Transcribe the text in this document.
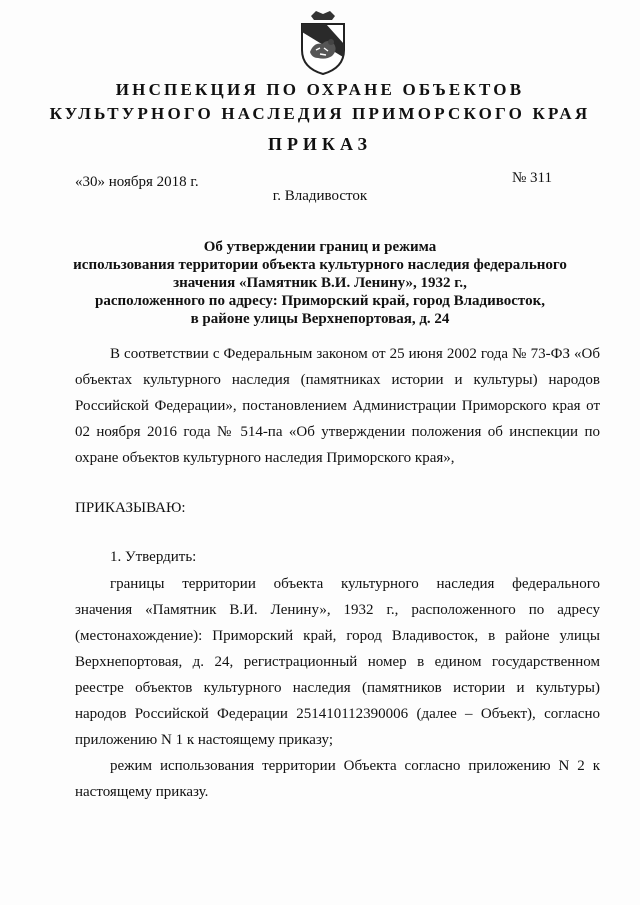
ИНСПЕКЦИЯ ПО ОХРАНЕ ОБЪЕКТОВ
КУЛЬТУРНОГО НАСЛЕДИЯ ПРИМОРСКОГО КРАЯ
ПРИКАЗ
«30» ноября 2018 г.	№ 311
г. Владивосток
Об утверждении границ и режима
использования территории объекта культурного наследия федерального
значения «Памятник В.И. Ленину», 1932 г.,
расположенного по адресу: Приморский край, город Владивосток,
в районе улицы Верхнепортовая, д. 24
В соответствии с Федеральным законом от 25 июня 2002 года № 73-ФЗ «Об
объектах культурного наследия (памятниках истории и культуры) народов
Российской Федерации», постановлением Администрации Приморского края от
02 ноября 2016 года № 514-па «Об утверждении положения об инспекции по
охране объектов культурного наследия Приморского края»,
ПРИКАЗЫВАЮ:
1. Утвердить:
границы территории объекта культурного наследия федерального
значения «Памятник В.И. Ленину», 1932 г., расположенного по адресу
(местонахождение): Приморский край, город Владивосток, в районе улицы
Верхнепортовая, д. 24, регистрационный номер в едином государственном
реестре объектов культурного наследия (памятников истории и культуры)
народов Российской Федерации 251410112390006 (далее – Объект), согласно
приложению N 1 к настоящему приказу;
режим использования территории Объекта согласно приложению N 2 к
настоящему приказу.
